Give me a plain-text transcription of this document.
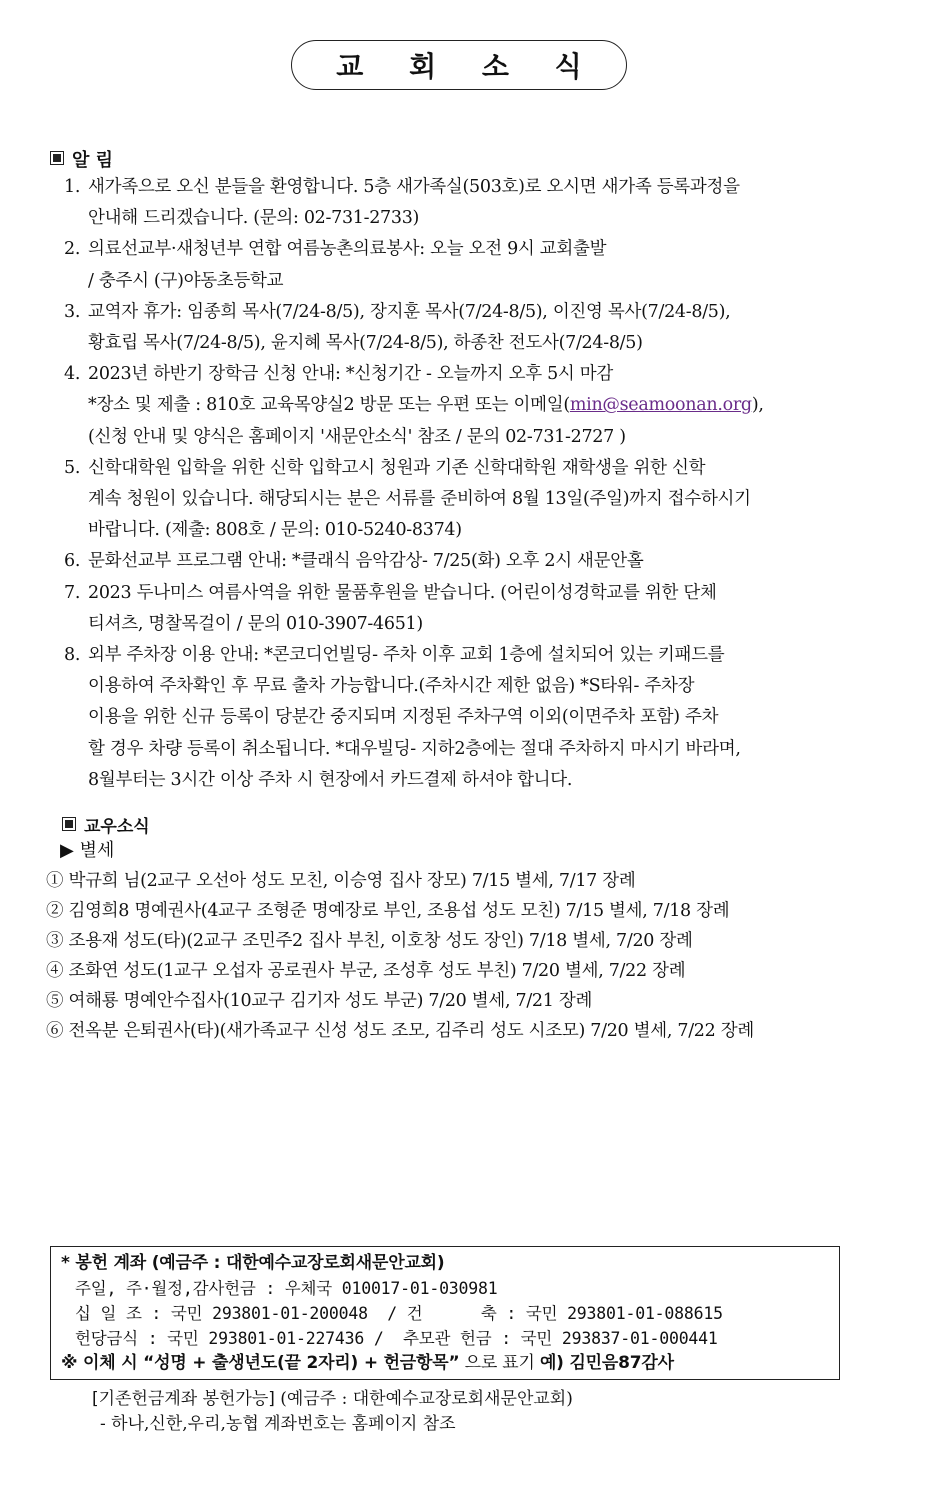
교 회 소 식
알 림
1. 새가족으로 오신 분들을 환영합니다. 5층 새가족실(503호)로 오시면 새가족 등록과정을
안내해 드리겠습니다. (문의: 02-731-2733)
2. 의료선교부·새청년부 연합 여름농촌의료봉사: 오늘 오전 9시 교회출발
/ 충주시 (구)야동초등학교
3. 교역자 휴가: 임종희 목사(7/24-8/5), 장지훈 목사(7/24-8/5), 이진영 목사(7/24-8/5),
황효립 목사(7/24-8/5), 윤지혜 목사(7/24-8/5), 하종찬 전도사(7/24-8/5)
4. 2023년 하반기 장학금 신청 안내: *신청기간 - 오늘까지 오후 5시 마감
*장소 및 제출 : 810호 교육목양실2 방문 또는 우편 또는 이메일(min@seamoonan.org),
(신청 안내 및 양식은 홈페이지 '새문안소식' 참조 / 문의 02-731-2727 )
5. 신학대학원 입학을 위한 신학 입학고시 청원과 기존 신학대학원 재학생을 위한 신학
계속 청원이 있습니다. 해당되시는 분은 서류를 준비하여 8월 13일(주일)까지 접수하시기
바랍니다. (제출: 808호 / 문의: 010-5240-8374)
6. 문화선교부 프로그램 안내: *클래식 음악감상- 7/25(화) 오후 2시 새문안홀
7. 2023 두나미스 여름사역을 위한 물품후원을 받습니다. (어린이성경학교를 위한 단체
티셔츠, 명찰목걸이 / 문의 010-3907-4651)
8. 외부 주차장 이용 안내: *콘코디언빌딩- 주차 이후 교회 1층에 설치되어 있는 키패드를
이용하여 주차확인 후 무료 출차 가능합니다.(주차시간 제한 없음) *S타워- 주차장
이용을 위한 신규 등록이 당분간 중지되며 지정된 주차구역 이외(이면주차 포함) 주차
할 경우 차량 등록이 취소됩니다. *대우빌딩- 지하2층에는 절대 주차하지 마시기 바라며,
8월부터는 3시간 이상 주차 시 현장에서 카드결제 하셔야 합니다.
교우소식
▶ 별세
① 박규희 님(2교구 오선아 성도 모친, 이승영 집사 장모) 7/15 별세, 7/17 장례
② 김영희8 명예권사(4교구 조형준 명예장로 부인, 조용섭 성도 모친) 7/15 별세, 7/18 장례
③ 조용재 성도(타)(2교구 조민주2 집사 부친, 이호창 성도 장인) 7/18 별세, 7/20 장례
④ 조화연 성도(1교구 오섭자 공로권사 부군, 조성후 성도 부친) 7/20 별세, 7/22 장례
⑤ 여해룡 명예안수집사(10교구 김기자 성도 부군) 7/20 별세, 7/21 장례
⑥ 전옥분 은퇴권사(타)(새가족교구 신성 성도 조모, 김주리 성도 시조모) 7/20 별세, 7/22 장례
* 봉헌 계좌 (예금주 : 대한예수교장로회새문안교회)
주일, 주·월정,감사헌금 : 우체국 010017-01-030981
십 일 조 : 국민 293801-01-200048  / 건      축 : 국민 293801-01-088615
헌당금식 : 국민 293801-01-227436 /  추모관 헌금 : 국민 293837-01-000441
※ 이체 시 “성명 + 출생년도(끝 2자리) + 헌금항목” 으로 표기 예) 김민음87감사
[기존헌금계좌 봉헌가능] (예금주 : 대한예수교장로회새문안교회)
- 하나,신한,우리,농협 계좌번호는 홈페이지 참조
